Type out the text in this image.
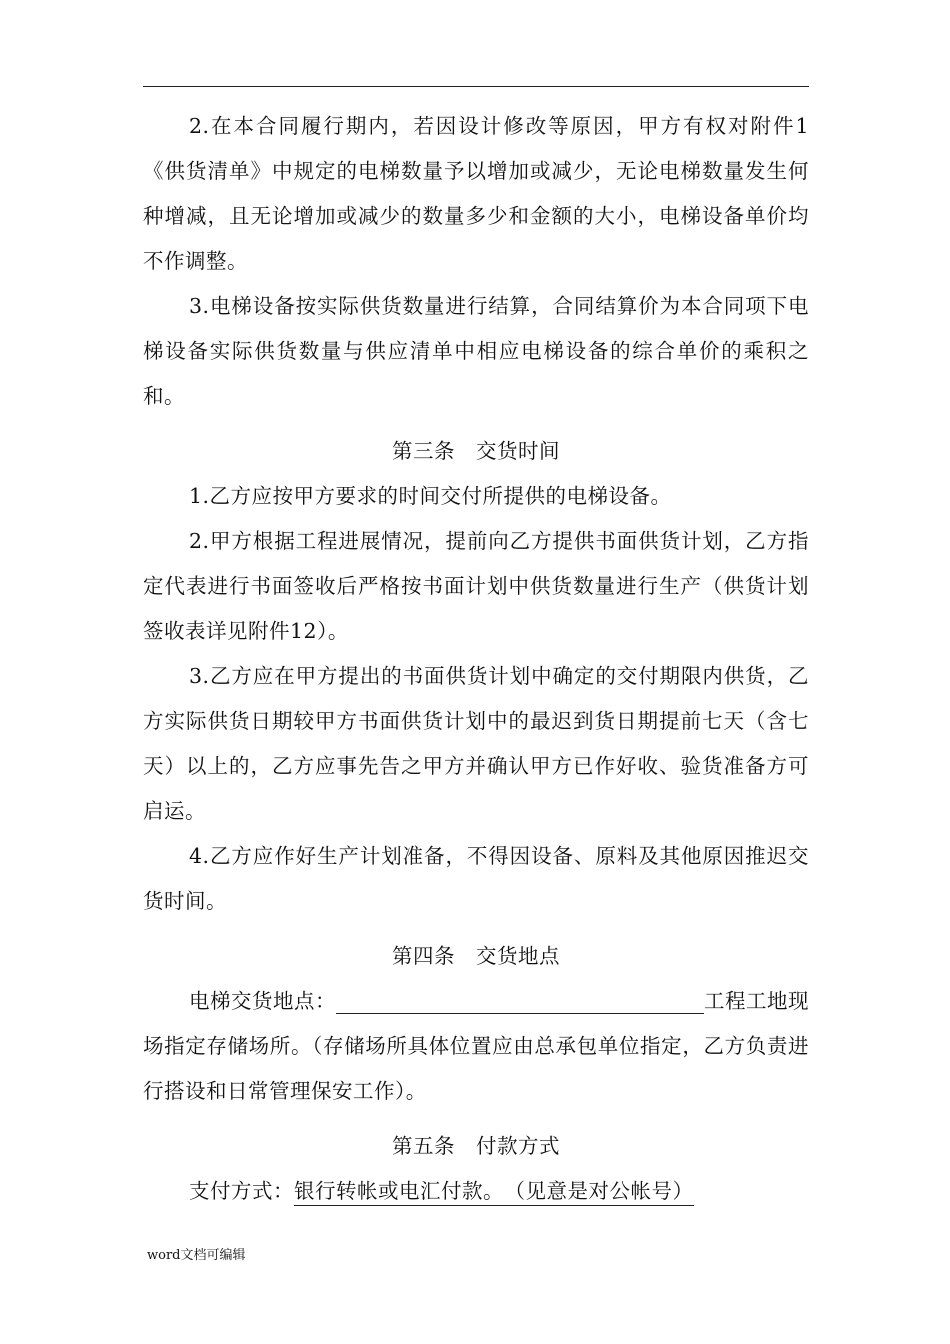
2.在本合同履行期内，若因设计修改等原因，甲方有权对附件1《供货清单》中规定的电梯数量予以增加或减少，无论电梯数量发生何种增减，且无论增加或减少的数量多少和金额的大小，电梯设备单价均不作调整。

3.电梯设备按实际供货数量进行结算，合同结算价为本合同项下电梯设备实际供货数量与供应清单中相应电梯设备的综合单价的乘积之和。

第三条　交货时间

1.乙方应按甲方要求的时间交付所提供的电梯设备。

2.甲方根据工程进展情况，提前向乙方提供书面供货计划，乙方指定代表进行书面签收后严格按书面计划中供货数量进行生产（供货计划签收表详见附件12）。

3.乙方应在甲方提出的书面供货计划中确定的交付期限内供货，乙方实际供货日期较甲方书面供货计划中的最迟到货日期提前七天（含七天）以上的，乙方应事先告之甲方并确认甲方已作好收、验货准备方可启运。

4.乙方应作好生产计划准备，不得因设备、原料及其他原因推迟交货时间。

第四条　交货地点

电梯交货地点：	工程工地现场指定存储场所。（存储场所具体位置应由总承包单位指定，乙方负责进行搭设和日常管理保安工作）。

第五条　付款方式

支付方式：银行转帐或电汇付款。　（见意是对公帐号）

word文档可编辑
